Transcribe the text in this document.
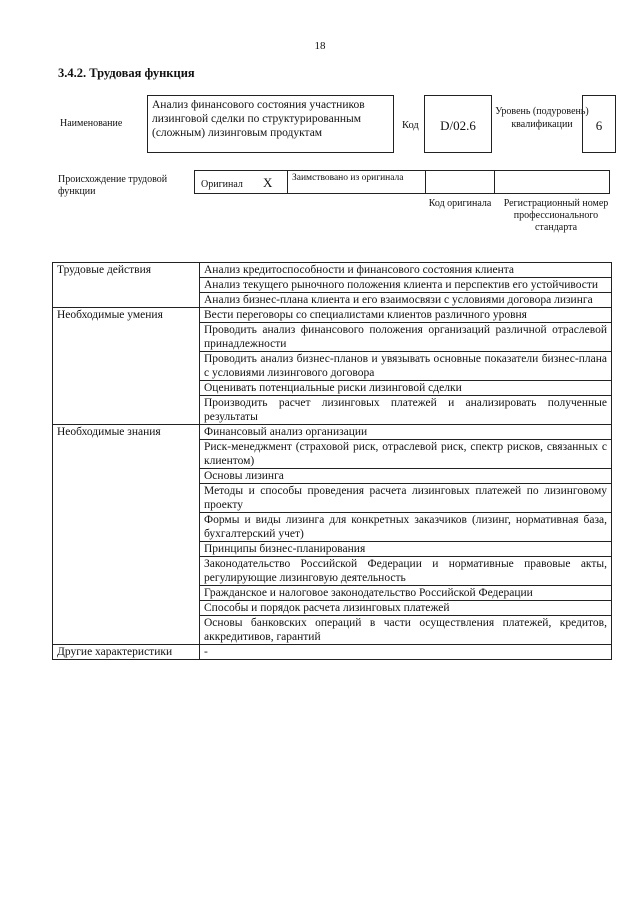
18
3.4.2. Трудовая функция
Наименование
Анализ финансового состояния участников лизинговой сделки по структурированным (сложным) лизинговым продуктам
Код	D/02.6
Уровень (подуровень) квалификации	6
Происхождение трудовой функции
Оригинал X	Заимствовано из оригинала
Код оригинала	Регистрационный номер профессионального стандарта
Трудовые действия	Анализ кредитоспособности и финансового состояния клиента
	Анализ текущего рыночного положения клиента и перспектив его устойчивости
	Анализ бизнес-плана клиента и его взаимосвязи с условиями договора лизинга
Необходимые умения	Вести переговоры со специалистами клиентов различного уровня
	Проводить анализ финансового положения организаций различной отраслевой принадлежности
	Проводить анализ бизнес-планов и увязывать основные показатели бизнес-плана с условиями лизингового договора
	Оценивать потенциальные риски лизинговой сделки
	Производить расчет лизинговых платежей и анализировать полученные результаты
Необходимые знания	Финансовый анализ организации
	Риск-менеджмент (страховой риск, отраслевой риск, спектр рисков, связанных с клиентом)
	Основы лизинга
	Методы и способы проведения расчета лизинговых платежей по лизинговому проекту
	Формы и виды лизинга для конкретных заказчиков (лизинг, нормативная база, бухгалтерский учет)
	Принципы бизнес-планирования
	Законодательство Российской Федерации и нормативные правовые акты, регулирующие лизинговую деятельность
	Гражданское и налоговое законодательство Российской Федерации
	Способы и порядок расчета лизинговых платежей
	Основы банковских операций в части осуществления платежей, кредитов, аккредитивов, гарантий
Другие характеристики	-
